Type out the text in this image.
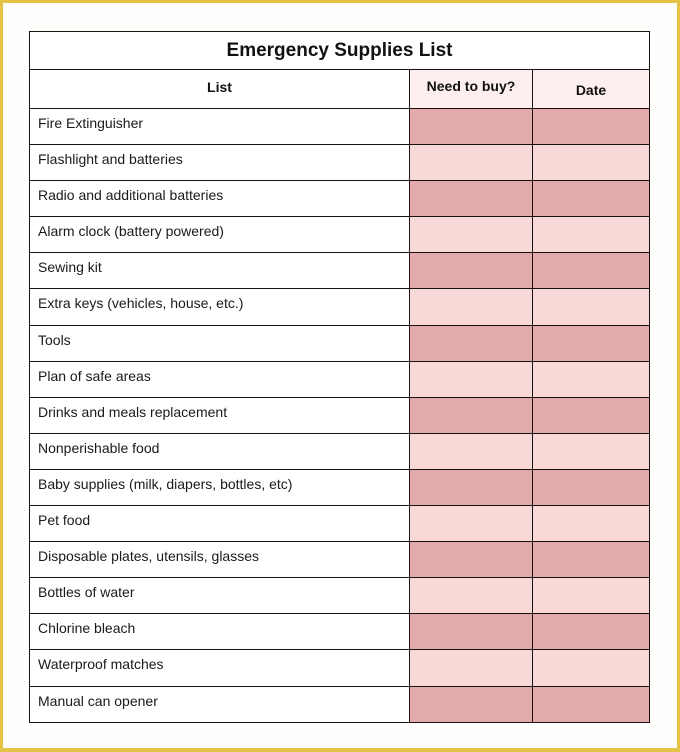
Emergency Supplies List		
List	Need to buy?	Date
Fire Extinguisher		
Flashlight and batteries		
Radio and additional batteries		
Alarm clock (battery powered)		
Sewing kit		
Extra keys (vehicles, house, etc.)		
Tools		
Plan of safe areas		
Drinks and meals replacement		
Nonperishable food		
Baby supplies (milk, diapers, bottles, etc)		
Pet food		
Disposable plates, utensils, glasses		
Bottles of water		
Chlorine bleach		
Waterproof matches		
Manual can opener		
